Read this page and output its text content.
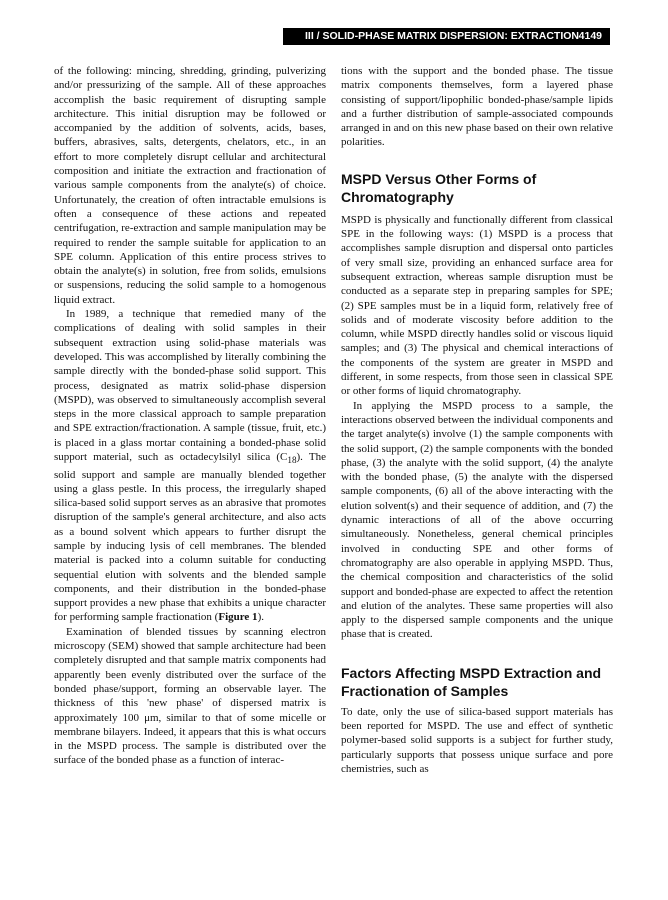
III / SOLID-PHASE MATRIX DISPERSION: EXTRACTION 4149

of the following: mincing, shredding, grinding, pulverizing and/or pressurizing of the sample. All of these approaches accomplish the basic requirement of disrupting sample architecture. This initial disruption may be followed or accompanied by the addition of solvents, acids, bases, buffers, abrasives, salts, detergents, chelators, etc., in an effort to more completely disrupt cellular and architectural composition and initiate the extraction and fractionation of various sample components from the analyte(s) of choice. Unfortunately, the creation of often intractable emulsions is often a consequence of these actions and repeated centrifugation, re-extraction and sample manipulation may be required to render the sample suitable for application to an SPE column. Application of this entire process strives to obtain the analyte(s) in solution, free from solids, emulsions or suspensions, reducing the solid sample to a homogenous liquid extract.

In 1989, a technique that remedied many of the complications of dealing with solid samples in their subsequent extraction using solid-phase materials was developed. This was accomplished by literally combining the sample directly with the bonded-phase solid support. This process, designated as matrix solid-phase dispersion (MSPD), was observed to simultaneously accomplish several steps in the more classical approach to sample preparation and SPE extraction/fractionation. A sample (tissue, fruit, etc.) is placed in a glass mortar containing a bonded-phase solid support material, such as octadecylsilyl silica $(C_{18})$. The solid support and sample are manually blended together using a glass pestle. In this process, the irregularly shaped silica-based solid support serves as an abrasive that promotes disruption of the sample's general architecture, and also acts as a bound solvent which appears to further disrupt the sample by inducing lysis of cell membranes. The blended material is packed into a column suitable for conducting sequential elution with solvents and the blended sample components, and their distribution in the bonded-phase support provides a new phase that exhibits a unique character for performing sample fractionation (Figure 1).

Examination of blended tissues by scanning electron microscopy (SEM) showed that sample architecture had been completely disrupted and that sample matrix components had apparently been evenly distributed over the surface of the bonded phase/support, forming an observable layer. The thickness of this 'new phase' of dispersed matrix is approximately 100 μm, similar to that of some micelle or membrane bilayers. Indeed, it appears that this is what occurs in the MSPD process. The sample is distributed over the surface of the bonded phase as a function of interac-

tions with the support and the bonded phase. The tissue matrix components themselves, form a layered phase consisting of support/lipophilic bonded-phase/sample lipids and a further distribution of sample-associated compounds arranged in and on this new phase based on their own relative polarities.

MSPD Versus Other Forms of Chromatography

MSPD is physically and functionally different from classical SPE in the following ways: (1) MSPD is a process that accomplishes sample disruption and dispersal onto particles of very small size, providing an enhanced surface area for subsequent extraction, whereas sample disruption must be conducted as a separate step in preparing samples for SPE; (2) SPE samples must be in a liquid form, relatively free of solids and of moderate viscosity before addition to the column, while MSPD directly handles solid or viscous liquid samples; and (3) The physical and chemical interactions of the components of the system are greater in MSPD and different, in some respects, from those seen in classical SPE or other forms of liquid chromatography.

In applying the MSPD process to a sample, the interactions observed between the individual components and the target analyte(s) involve (1) the sample components with the solid support, (2) the sample components with the bonded phase, (3) the analyte with the solid support, (4) the analyte with the bonded phase, (5) the analyte with the dispersed sample components, (6) all of the above interacting with the elution solvent(s) and their sequence of addition, and (7) the dynamic interactions of all of the above occurring simultaneously. Nonetheless, general chemical principles involved in conducting SPE and other forms of chromatography are also operable in applying MSPD. Thus, the chemical composition and characteristics of the solid support and bonded-phase are expected to affect the retention and elution of the analytes. These same properties will also apply to the dispersed sample components and the unique phase that is created.

Factors Affecting MSPD Extraction and Fractionation of Samples

To date, only the use of silica-based support materials has been reported for MSPD. The use and effect of synthetic polymer-based solid supports is a subject for further study, particularly supports that possess unique surface and pore chemistries, such as
